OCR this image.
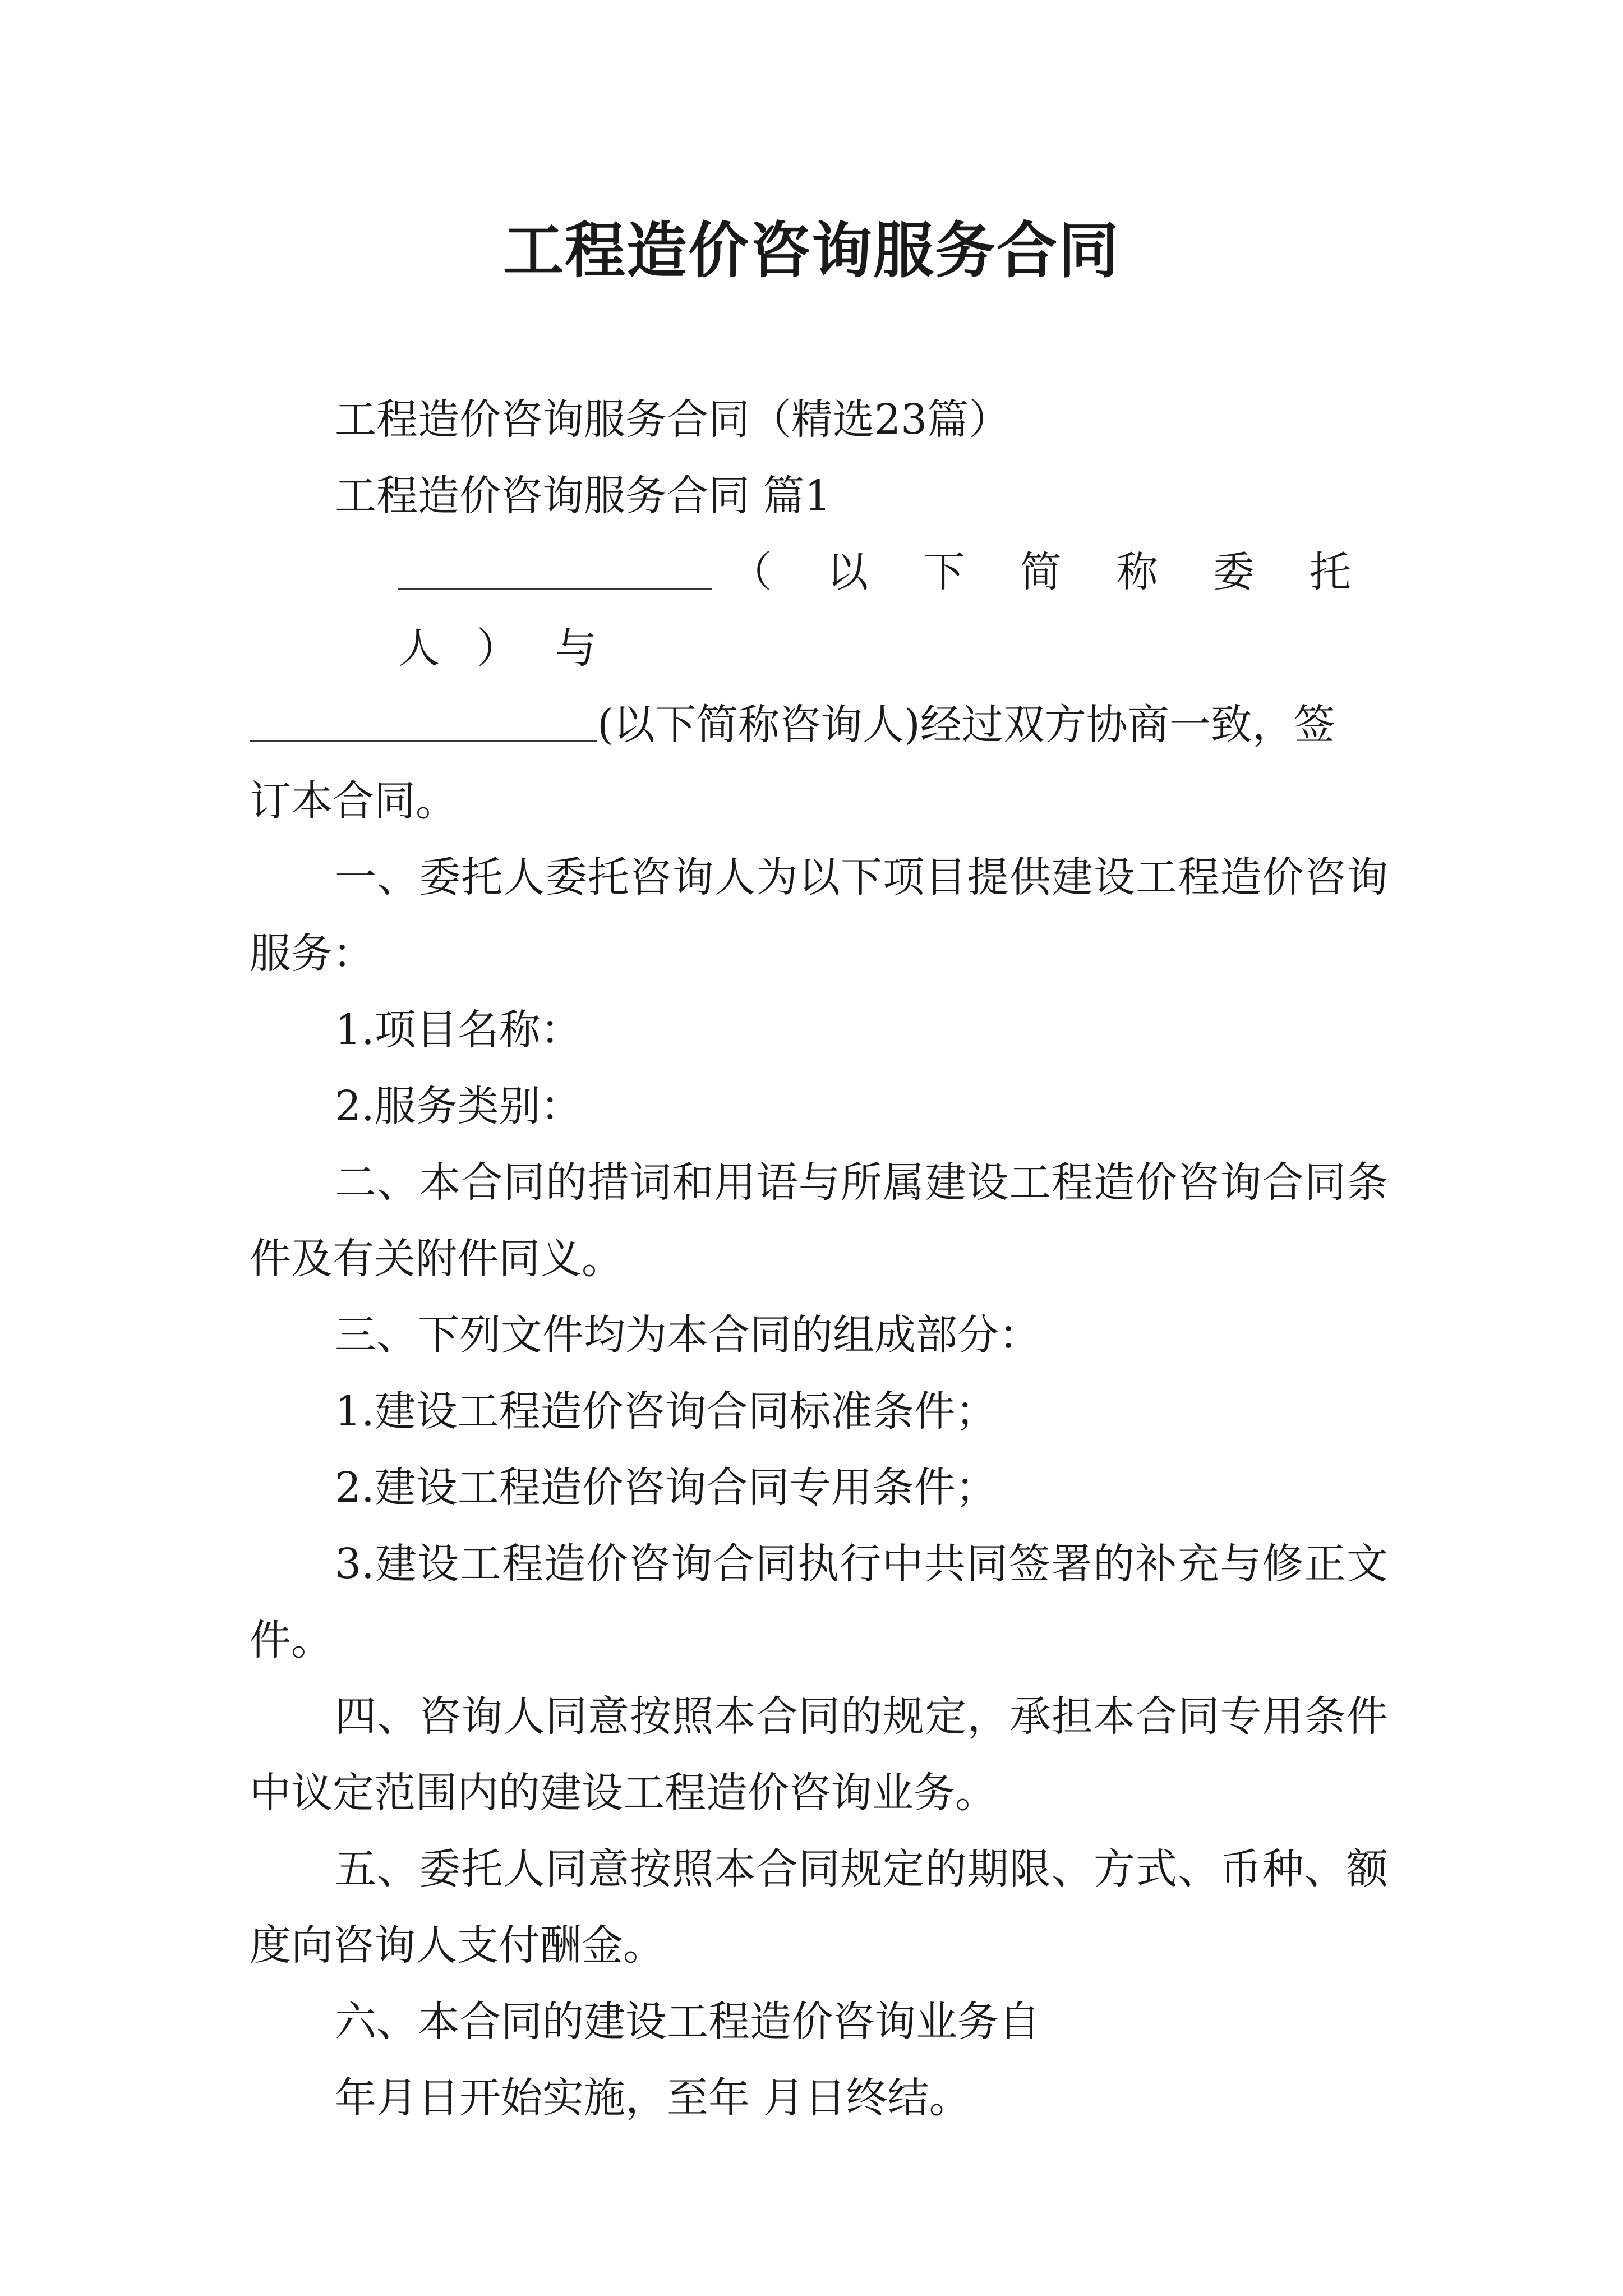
工程造价咨询服务合同

工程造价咨询服务合同（精选23篇）

工程造价咨询服务合同 篇1

（以下简称委托人）与

(以下简称咨询人)经过双方协商一致，签

订本合同。

一、委托人委托咨询人为以下项目提供建设工程造价咨询服务：

1.项目名称：

2.服务类别：

二、本合同的措词和用语与所属建设工程造价咨询合同条件及有关附件同义。

三、下列文件均为本合同的组成部分：

1.建设工程造价咨询合同标准条件；

2.建设工程造价咨询合同专用条件；

3.建设工程造价咨询合同执行中共同签署的补充与修正文件。

四、咨询人同意按照本合同的规定，承担本合同专用条件中议定范围内的建设工程造价咨询业务。

五、委托人同意按照本合同规定的期限、方式、币种、额度向咨询人支付酬金。

六、本合同的建设工程造价咨询业务自

年月日开始实施，至年 月日终结。
